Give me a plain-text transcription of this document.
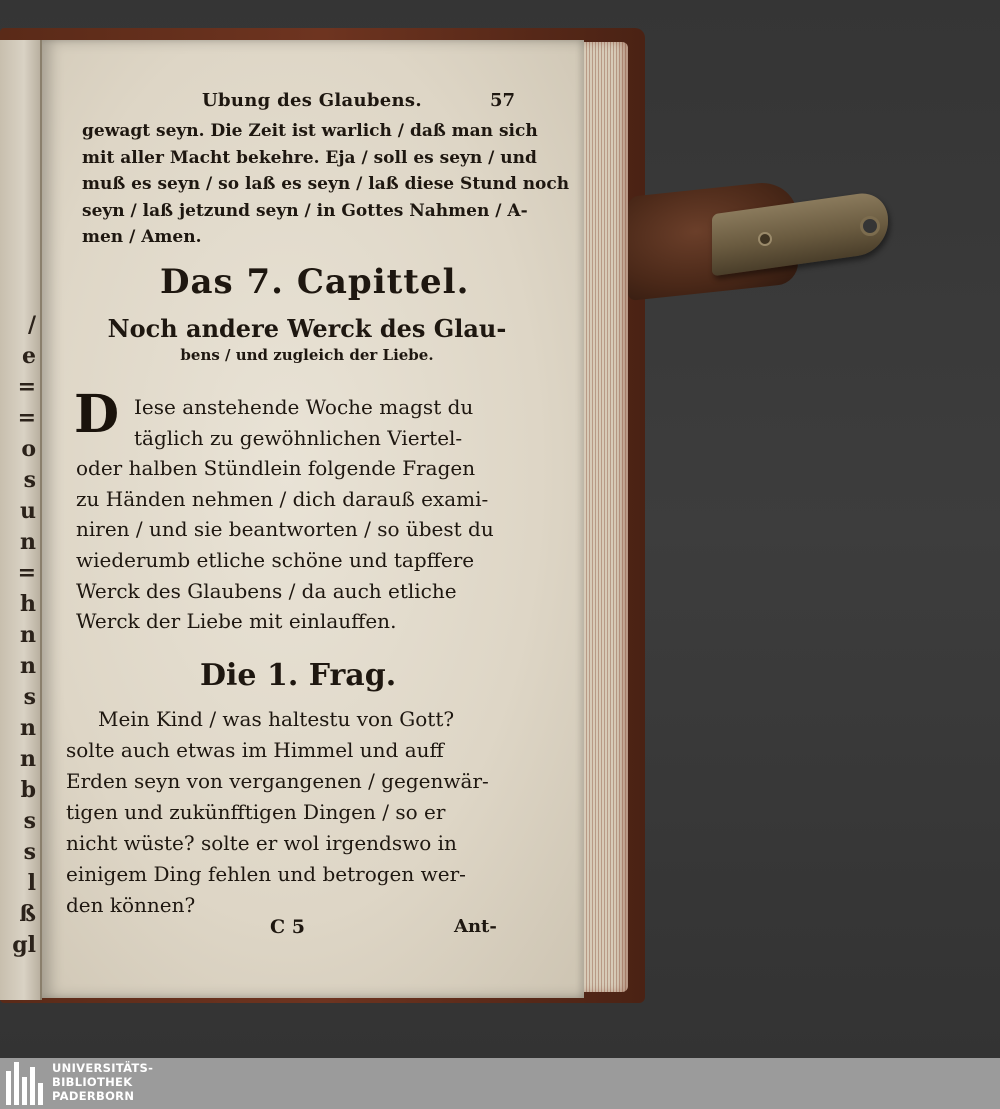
/
e
=
=
o
s
u
n
=
h
n
n
s
n
n
b
s
s
l
ß
gl
Ubung des Glaubens.	57
gewagt seyn. Die Zeit ist warlich / daß man sich
mit aller Macht bekehre. Eja / soll es seyn / und
muß es seyn / so laß es seyn / laß diese Stund noch
seyn / laß jetzund seyn / in Gottes Nahmen / A-
men / Amen.
Das 7. Capittel.
Noch andere Werck des Glau-
bens / und zugleich der Liebe.
D Iese anstehende Woche magst du
täglich zu gewöhnlichen Viertel-
oder halben Stündlein folgende Fragen
zu Händen nehmen / dich darauß exami-
niren / und sie beantworten / so übest du
wiederumb etliche schöne und tapffere
Werck des Glaubens / da auch etliche
Werck der Liebe mit einlauffen.
Die 1. Frag.
Mein Kind / was haltestu von Gott?
solte auch etwas im Himmel und auff
Erden seyn von vergangenen / gegenwär-
tigen und zukünfftigen Dingen / so er
nicht wüste? solte er wol irgendswo in
einigem Ding fehlen und betrogen wer-
den können?
C 5	Ant-
UNIVERSITÄTS-
BIBLIOTHEK
PADERBORN
